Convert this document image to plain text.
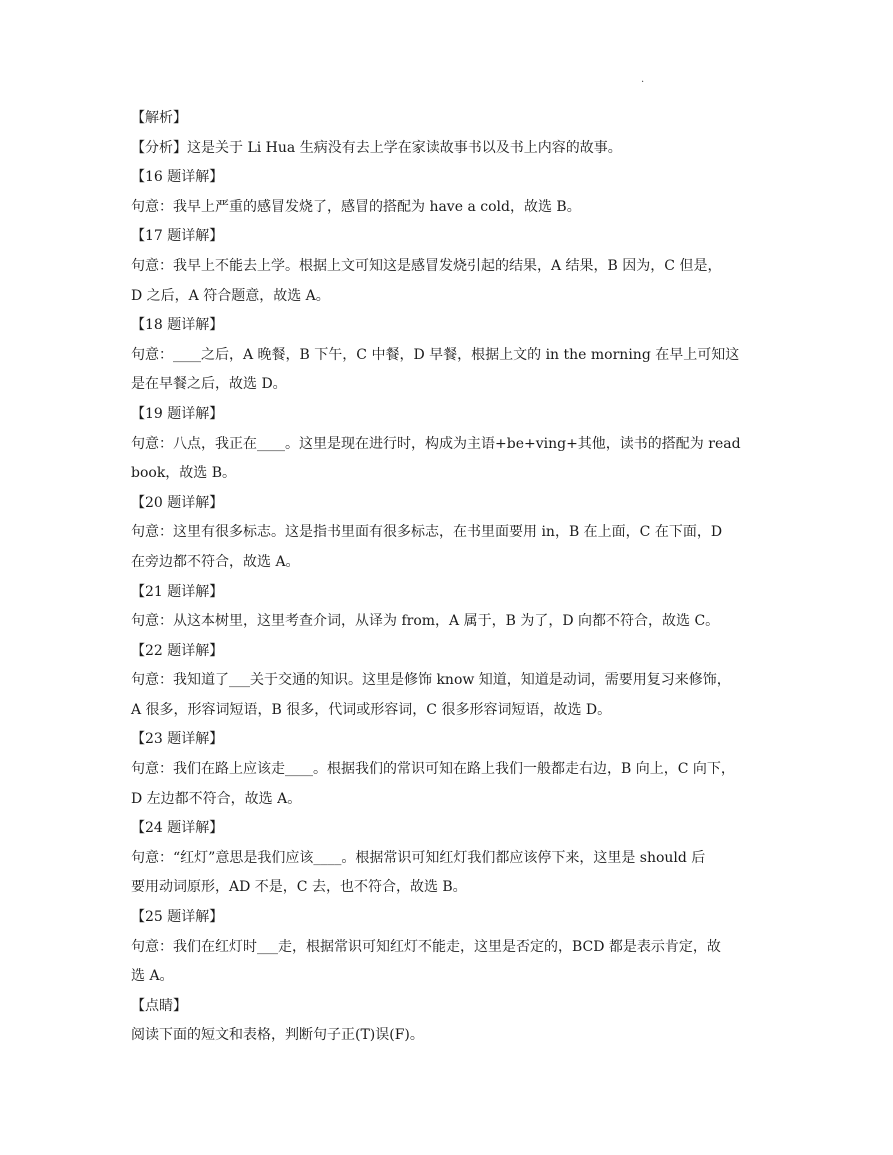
.
【解析】
【分析】这是关于 Li Hua 生病没有去上学在家读故事书以及书上内容的故事。
【16 题详解】
句意：我早上严重的感冒发烧了，感冒的搭配为 have a cold，故选 B。
【17 题详解】
句意：我早上不能去上学。根据上文可知这是感冒发烧引起的结果，A 结果，B 因为，C 但是，
D 之后，A 符合题意，故选 A。
【18 题详解】
句意：____之后，A 晚餐，B 下午，C 中餐，D 早餐，根据上文的 in the morning 在早上可知这
是在早餐之后，故选 D。
【19 题详解】
句意：八点，我正在____。这里是现在进行时，构成为主语+be+ving+其他，读书的搭配为 read
book，故选 B。
【20 题详解】
句意：这里有很多标志。这是指书里面有很多标志，在书里面要用 in，B 在上面，C 在下面，D
在旁边都不符合，故选 A。
【21 题详解】
句意：从这本树里，这里考查介词，从译为 from，A 属于，B 为了，D 向都不符合，故选 C。
【22 题详解】
句意：我知道了___关于交通的知识。这里是修饰 know 知道，知道是动词，需要用复习来修饰，
A 很多，形容词短语，B 很多，代词或形容词，C 很多形容词短语，故选 D。
【23 题详解】
句意：我们在路上应该走____。根据我们的常识可知在路上我们一般都走右边，B 向上，C 向下，
D 左边都不符合，故选 A。
【24 题详解】
句意：“红灯”意思是我们应该____。根据常识可知红灯我们都应该停下来，这里是 should 后
要用动词原形，AD 不是，C 去，也不符合，故选 B。
【25 题详解】
句意：我们在红灯时___走，根据常识可知红灯不能走，这里是否定的，BCD 都是表示肯定，故
选 A。
【点睛】
阅读下面的短文和表格，判断句子正(T)误(F)。
